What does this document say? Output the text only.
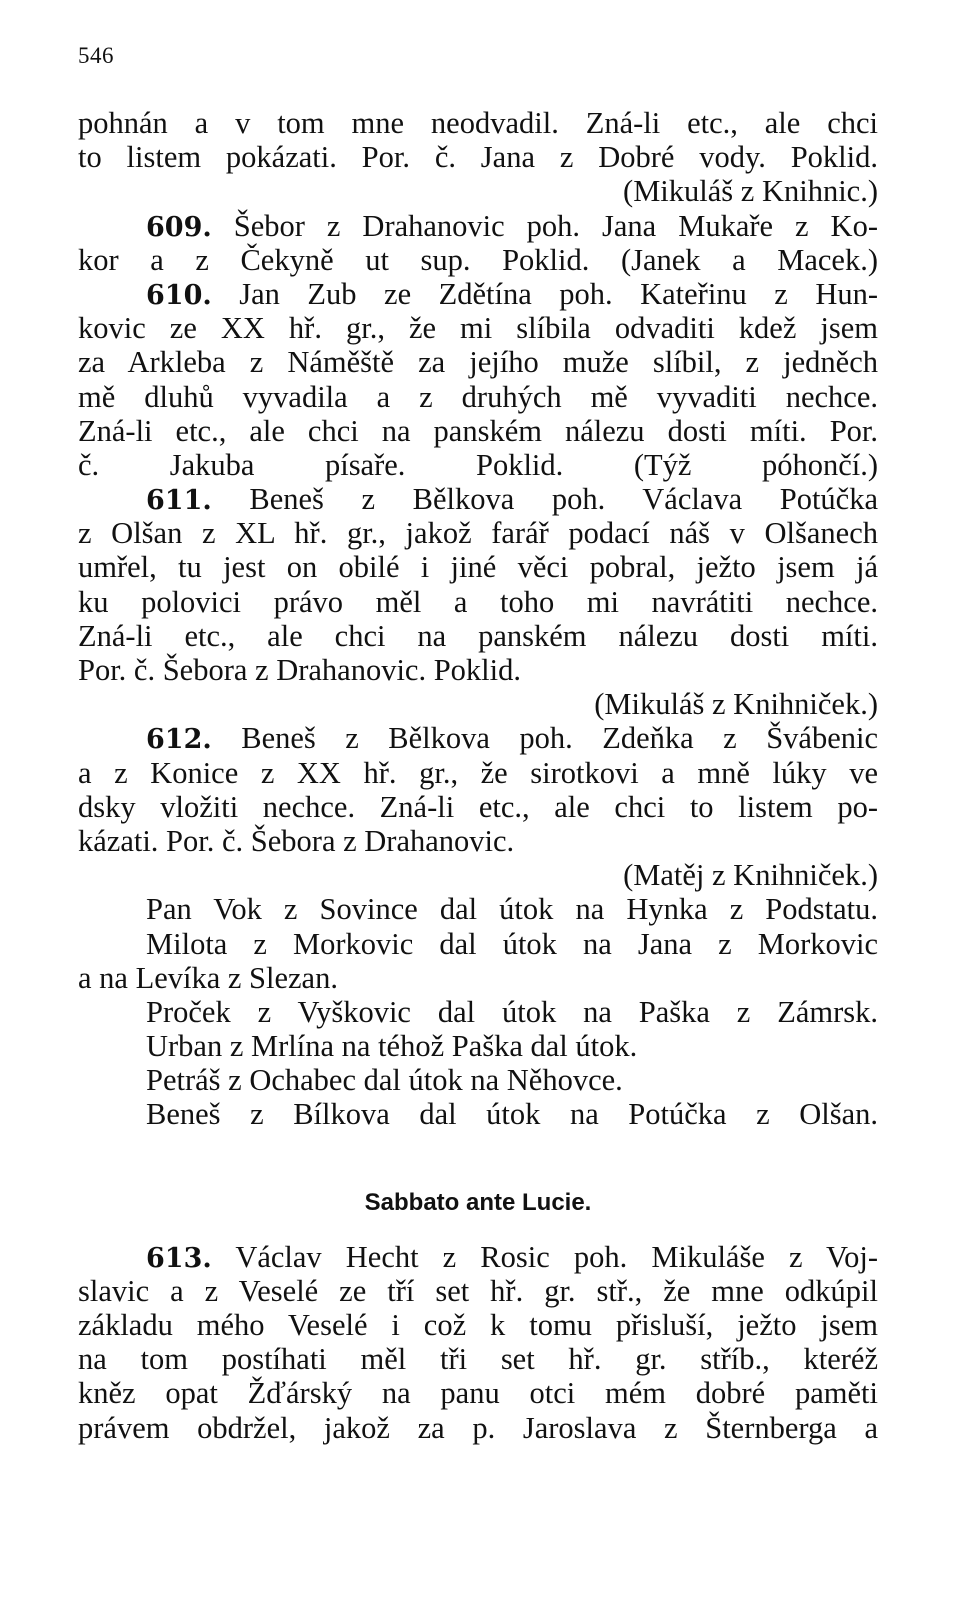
546
pohnán a v tom mne neodvadil. Zná-li etc., ale chci
to listem pokázati. Por. č. Jana z Dobré vody. Poklid.
(Mikuláš z Knihnic.)
609. Šebor z Drahanovic poh. Jana Mukaře z Ko-
kor a z Čekyně ut sup. Poklid. (Janek a Macek.)
610. Jan Zub ze Zdětína poh. Kateřinu z Hun-
kovic ze XX hř. gr., že mi slíbila odvaditi kdež jsem
za Arkleba z Náměště za jejího muže slíbil, z jedněch
mě dluhů vyvadila a z druhých mě vyvaditi nechce.
Zná-li etc., ale chci na panském nálezu dosti míti. Por.
č. Jakuba písaře. Poklid. (Týž póhončí.)
611. Beneš z Bělkova poh. Václava Potúčka
z Olšan z XL hř. gr., jakož farář podací náš v Olšanech
umřel, tu jest on obilé i jiné věci pobral, ježto jsem já
ku polovici právo měl a toho mi navrátiti nechce.
Zná-li etc., ale chci na panském nálezu dosti míti.
Por. č. Šebora z Drahanovic. Poklid.
(Mikuláš z Knihniček.)
612. Beneš z Bělkova poh. Zdeňka z Švábenic
a z Konice z XX hř. gr., že sirotkovi a mně lúky ve
dsky vložiti nechce. Zná-li etc., ale chci to listem po-
kázati. Por. č. Šebora z Drahanovic.
(Matěj z Knihniček.)
Pan Vok z Sovince dal útok na Hynka z Podstatu.
Milota z Morkovic dal útok na Jana z Morkovic
a na Levíka z Slezan.
Proček z Vyškovic dal útok na Paška z Zámrsk.
Urban z Mrlína na téhož Paška dal útok.
Petráš z Ochabec dal útok na Něhovce.
Beneš z Bílkova dal útok na Potúčka z Olšan.
Sabbato ante Lucie.
613. Václav Hecht z Rosic poh. Mikuláše z Voj-
slavic a z Veselé ze tří set hř. gr. stř., že mne odkúpil
základu mého Veselé i což k tomu přisluší, ježto jsem
na tom postíhati měl tři set hř. gr. stříb., kteréž
kněz opat Žďárský na panu otci mém dobré paměti
právem obdržel, jakož za p. Jaroslava z Šternberga a
